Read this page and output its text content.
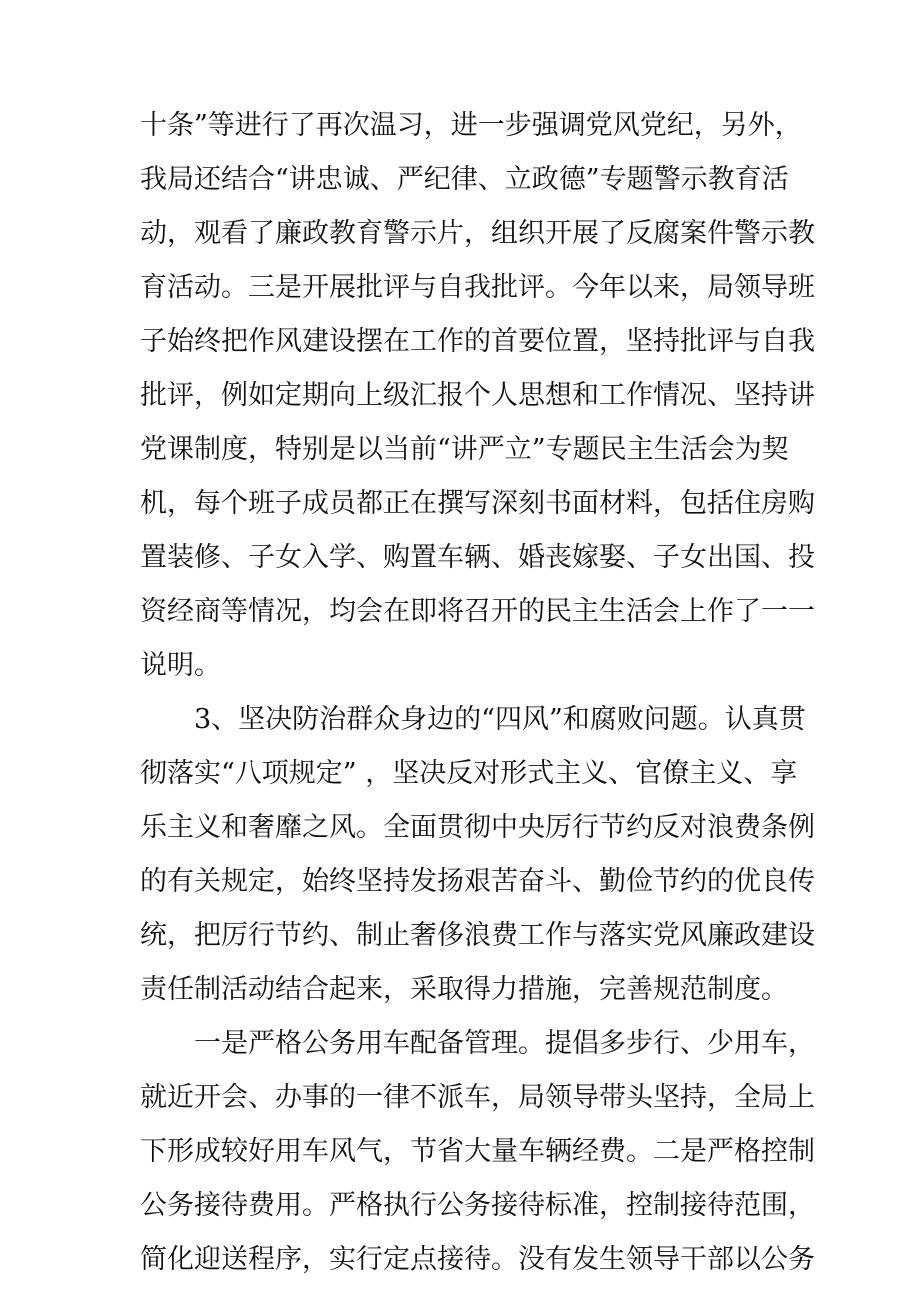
十条”等进行了再次温习，进一步强调党风党纪，另外，

我局还结合“讲忠诚、严纪律、立政德”专题警示教育活

动，观看了廉政教育警示片，组织开展了反腐案件警示教

育活动。三是开展批评与自我批评。今年以来，局领导班

子始终把作风建设摆在工作的首要位置，坚持批评与自我

批评，例如定期向上级汇报个人思想和工作情况、坚持讲

党课制度，特别是以当前“讲严立”专题民主生活会为契

机，每个班子成员都正在撰写深刻书面材料，包括住房购

置装修、子女入学、购置车辆、婚丧嫁娶、子女出国、投

资经商等情况，均会在即将召开的民主生活会上作了一一

说明。

3、坚决防治群众身边的“四风”和腐败问题。认真贯

彻落实“八项规定” ，坚决反对形式主义、官僚主义、享

乐主义和奢靡之风。全面贯彻中央厉行节约反对浪费条例

的有关规定，始终坚持发扬艰苦奋斗、勤俭节约的优良传

统，把厉行节约、制止奢侈浪费工作与落实党风廉政建设

责任制活动结合起来，采取得力措施，完善规范制度。

一是严格公务用车配备管理。提倡多步行、少用车，

就近开会、办事的一律不派车，局领导带头坚持，全局上

下形成较好用车风气，节省大量车辆经费。二是严格控制

公务接待费用。严格执行公务接待标准，控制接待范围，

简化迎送程序，实行定点接待。没有发生领导干部以公务
